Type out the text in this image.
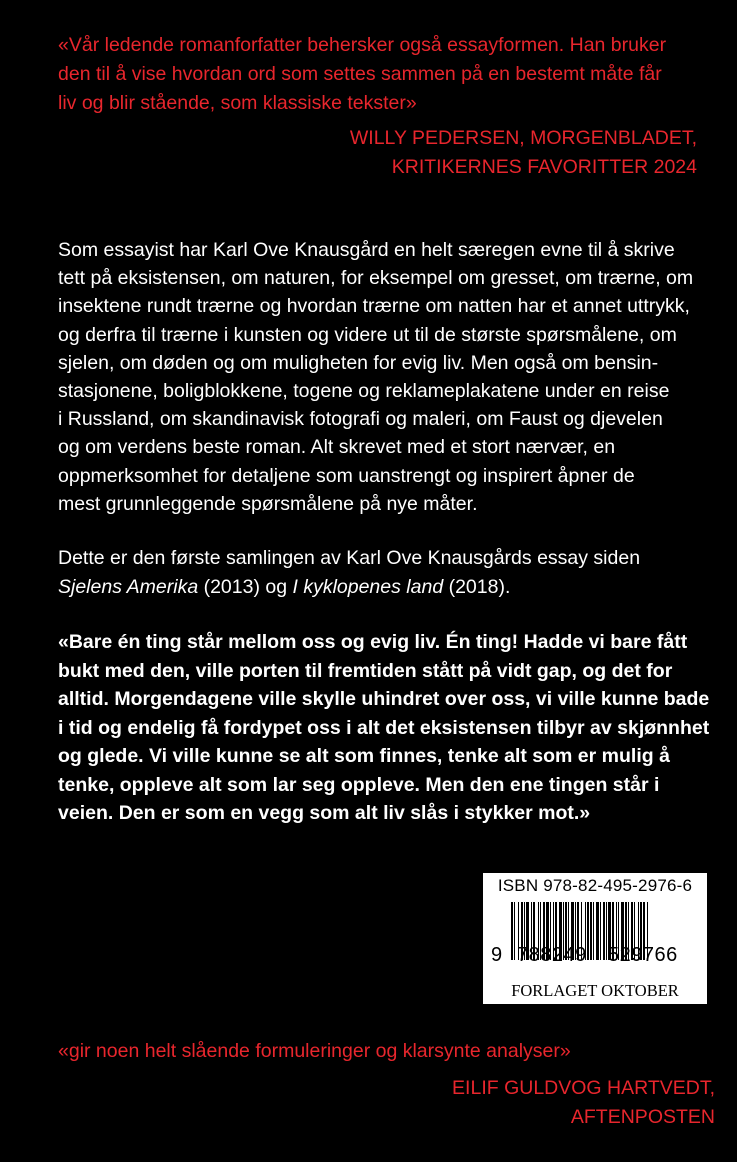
«Vår ledende romanforfatter behersker også essayformen. Han bruker
den til å vise hvordan ord som settes sammen på en bestemt måte får
liv og blir stående, som klassiske tekster»
WILLY PEDERSEN, MORGENBLADET,
KRITIKERNES FAVORITTER 2024
Som essayist har Karl Ove Knausgård en helt særegen evne til å skrive
tett på eksistensen, om naturen, for eksempel om gresset, om trærne, om
insektene rundt trærne og hvordan trærne om natten har et annet uttrykk,
og derfra til trærne i kunsten og videre ut til de største spørsmålene, om
sjelen, om døden og om muligheten for evig liv. Men også om bensin-
stasjonene, boligblokkene, togene og reklameplakatene under en reise
i Russland, om skandinavisk fotografi og maleri, om Faust og djevelen
og om verdens beste roman. Alt skrevet med et stort nærvær, en
oppmerksomhet for detaljene som uanstrengt og inspirert åpner de
mest grunnleggende spørsmålene på nye måter.
Dette er den første samlingen av Karl Ove Knausgårds essay siden
Sjelens Amerika (2013) og I kyklopenes land (2018).
«Bare én ting står mellom oss og evig liv. Én ting! Hadde vi bare fått
bukt med den, ville porten til fremtiden stått på vidt gap, og det for
alltid. Morgendagene ville skylle uhindret over oss, vi ville kunne bade
i tid og endelig få fordypet oss i alt det eksistensen tilbyr av skjønnhet
og glede. Vi ville kunne se alt som finnes, tenke alt som er mulig å
tenke, oppleve alt som lar seg oppleve. Men den ene tingen står i
veien. Den er som en vegg som alt liv slås i stykker mot.»
ISBN 978-82-495-2976-6
9 788249 529766
FORLAGET OKTOBER
«gir noen helt slående formuleringer og klarsynte analyser»
EILIF GULDVOG HARTVEDT,
AFTENPOSTEN
